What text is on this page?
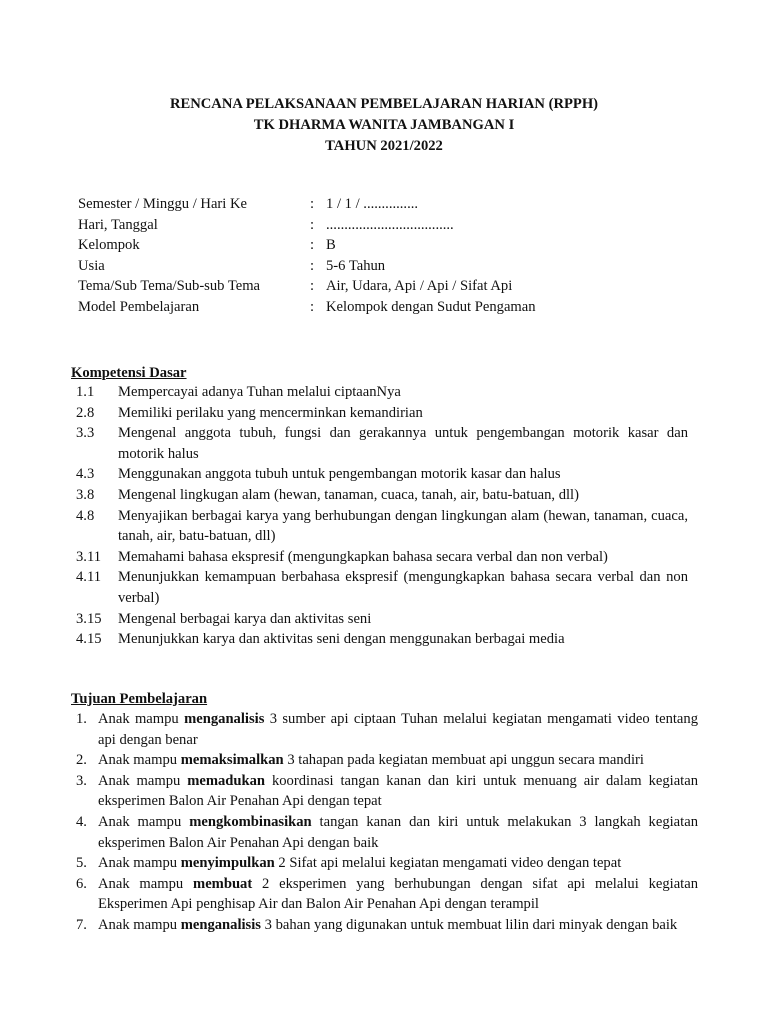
RENCANA PELAKSANAAN PEMBELAJARAN HARIAN (RPPH)
TK DHARMA WANITA JAMBANGAN I
TAHUN 2021/2022
Semester / Minggu / Hari Ke	: 1 / 1 / ...............
Hari, Tanggal	: ...................................
Kelompok	: B
Usia	: 5-6 Tahun
Tema/Sub Tema/Sub-sub Tema	: Air, Udara, Api / Api / Sifat Api
Model Pembelajaran	: Kelompok dengan Sudut Pengaman
Kompetensi Dasar
1.1 Mempercayai adanya Tuhan melalui ciptaanNya
2.8 Memiliki perilaku yang mencerminkan kemandirian
3.3 Mengenal anggota tubuh, fungsi dan gerakannya untuk pengembangan motorik kasar dan motorik halus
4.3 Menggunakan anggota tubuh untuk pengembangan motorik kasar dan halus
3.8 Mengenal lingkugan alam (hewan, tanaman, cuaca, tanah, air, batu-batuan, dll)
4.8 Menyajikan berbagai karya yang berhubungan dengan lingkungan alam (hewan, tanaman, cuaca, tanah, air, batu-batuan, dll)
3.11 Memahami bahasa ekspresif (mengungkapkan bahasa secara verbal dan non verbal)
4.11 Menunjukkan kemampuan berbahasa ekspresif (mengungkapkan bahasa secara verbal dan non verbal)
3.15 Mengenal berbagai karya dan aktivitas seni
4.15 Menunjukkan karya dan aktivitas seni dengan menggunakan berbagai media
Tujuan Pembelajaran
1. Anak mampu menganalisis 3 sumber api ciptaan Tuhan melalui kegiatan mengamati video tentang api dengan benar
2. Anak mampu memaksimalkan 3 tahapan pada kegiatan membuat api unggun secara mandiri
3. Anak mampu memadukan koordinasi tangan kanan dan kiri untuk menuang air dalam kegiatan eksperimen Balon Air Penahan Api dengan tepat
4. Anak mampu mengkombinasikan tangan kanan dan kiri untuk melakukan 3 langkah kegiatan eksperimen Balon Air Penahan Api dengan baik
5. Anak mampu menyimpulkan 2 Sifat api melalui kegiatan mengamati video dengan tepat
6. Anak mampu membuat 2 eksperimen yang berhubungan dengan sifat api melalui kegiatan Eksperimen Api penghisap Air dan Balon Air Penahan Api dengan terampil
7. Anak mampu menganalisis 3 bahan yang digunakan untuk membuat lilin dari minyak dengan baik
